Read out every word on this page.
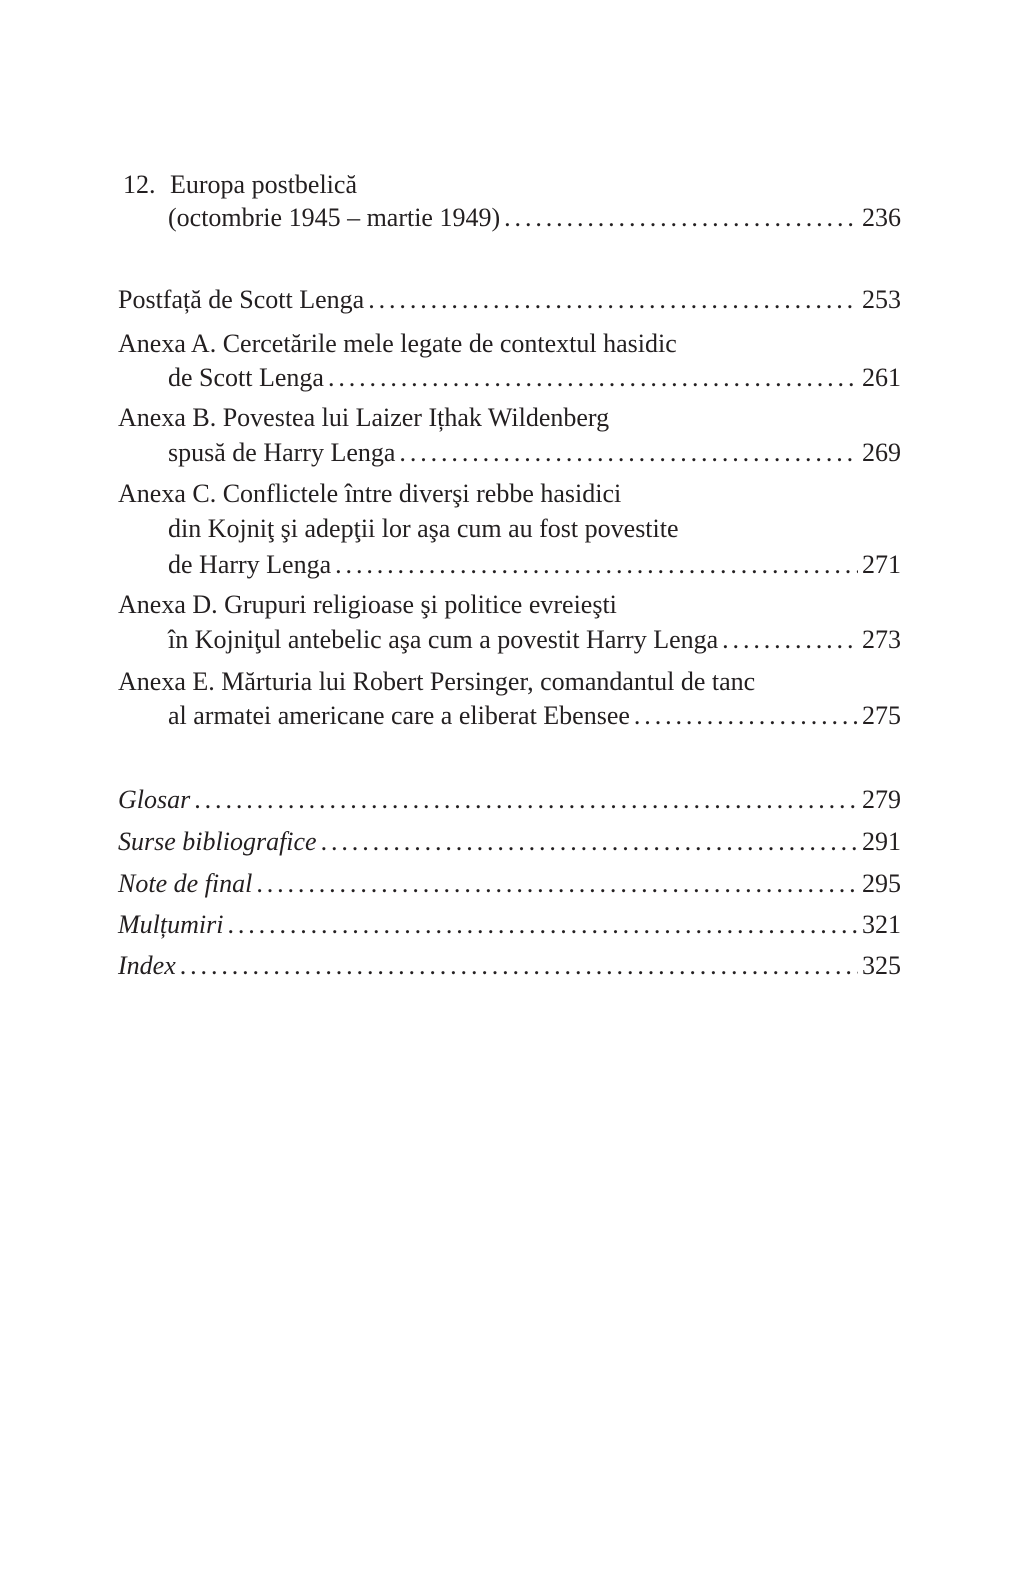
12. Europa postbelică
(octombrie 1945 – martie 1949) . . .	236
Postfață de Scott Lenga . . .	253
Anexa A. Cercetările mele legate de contextul hasidic
de Scott Lenga . . .	261
Anexa B. Povestea lui Laizer Ițhak Wildenberg
spusă de Harry Lenga . . .	269
Anexa C. Conflictele între diverşi rebbe hasidici
din Kojniţ şi adepţii lor aşa cum au fost povestite
de Harry Lenga . . .	271
Anexa D. Grupuri religioase şi politice evreieşti
în Kojniţul antebelic aşa cum a povestit Harry Lenga . . .	273
Anexa E. Mărturia lui Robert Persinger, comandantul de tanc
al armatei americane care a eliberat Ebensee . . .	275
Glosar . . .	279
Surse bibliografice . . .	291
Note de final . . .	295
Mulțumiri . . .	321
Index . . .	325
